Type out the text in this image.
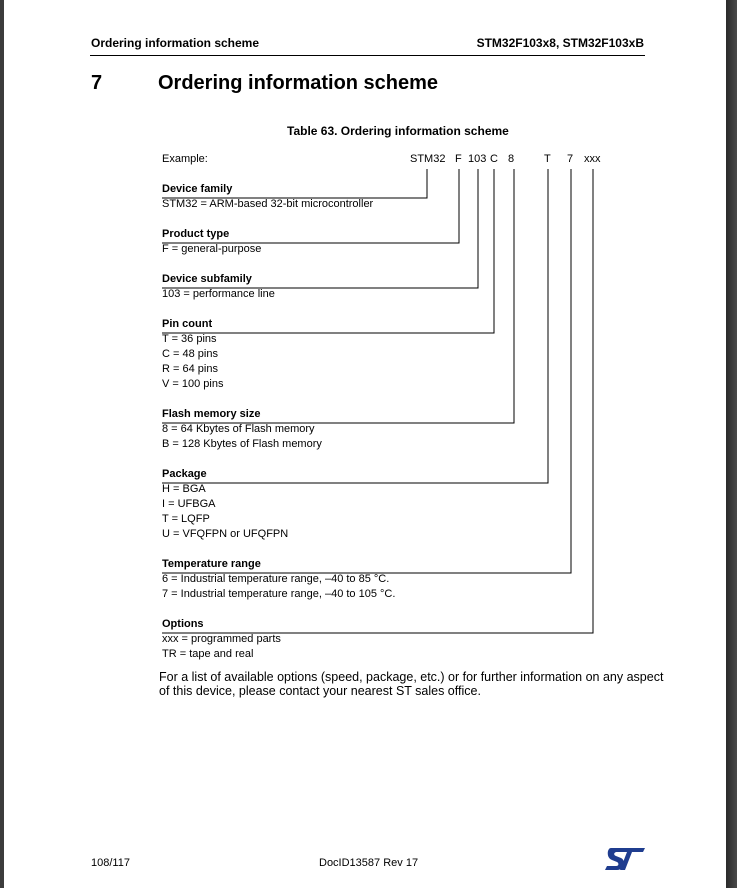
Ordering information scheme	STM32F103x8, STM32F103xB
7	Ordering information scheme
Table 63. Ordering information scheme
Example:	STM32 F 103 C 8	T 7 xxx
Device family
STM32 = ARM-based 32-bit microcontroller
Product type
F = general-purpose
Device subfamily
103 = performance line
Pin count
T = 36 pins
C = 48 pins
R = 64 pins
V = 100 pins
Flash memory size
8 = 64 Kbytes of Flash memory
B = 128 Kbytes of Flash memory
Package
H = BGA
I = UFBGA
T = LQFP
U = VFQFPN or UFQFPN
Temperature range
6 = Industrial temperature range, –40 to 85 °C.
7 = Industrial temperature range, –40 to 105 °C.
Options
xxx = programmed parts
TR = tape and real
For a list of available options (speed, package, etc.) or for further information on any aspect
of this device, please contact your nearest ST sales office.
108/117	DocID13587 Rev 17
